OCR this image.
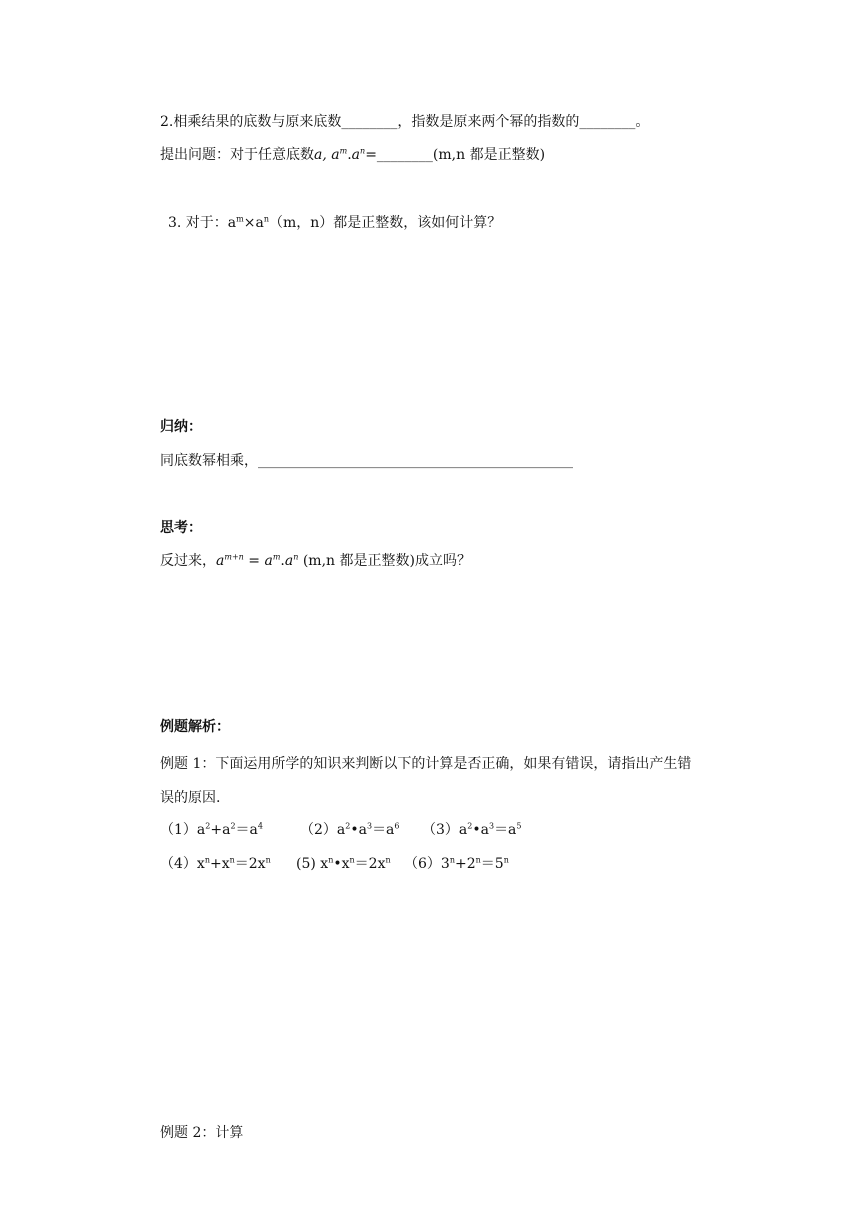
2.相乘结果的底数与原来底数________，指数是原来两个幂的指数的________。
提出问题：对于任意底数a, $a^m.a^n=\_\_\_\_\_\_\_\_(m,n$ 都是正整数)
3. 对于：$a^m\times a^n(m$，n）都是正整数，该如何计算？
归纳：
同底数幂相乘，_____________________________________________
思考：
反过来，$a^{m+n} = a^m.a^n$ (m,n 都是正整数)成立吗？
例题解析：
例题 1：下面运用所学的知识来判断以下的计算是否正确，如果有错误，请指出产生错
误的原因.
$(1)a^2+a^2=a^4$	$(2)a^2•a^3=a^6$ $(3)a^2•a^3=a^5$
$(4)x^n+x^n=2x^n$ (5) $x^n•x^n=2x^n$ $(6)3^n+2^n=5^n$
例题 2：计算
